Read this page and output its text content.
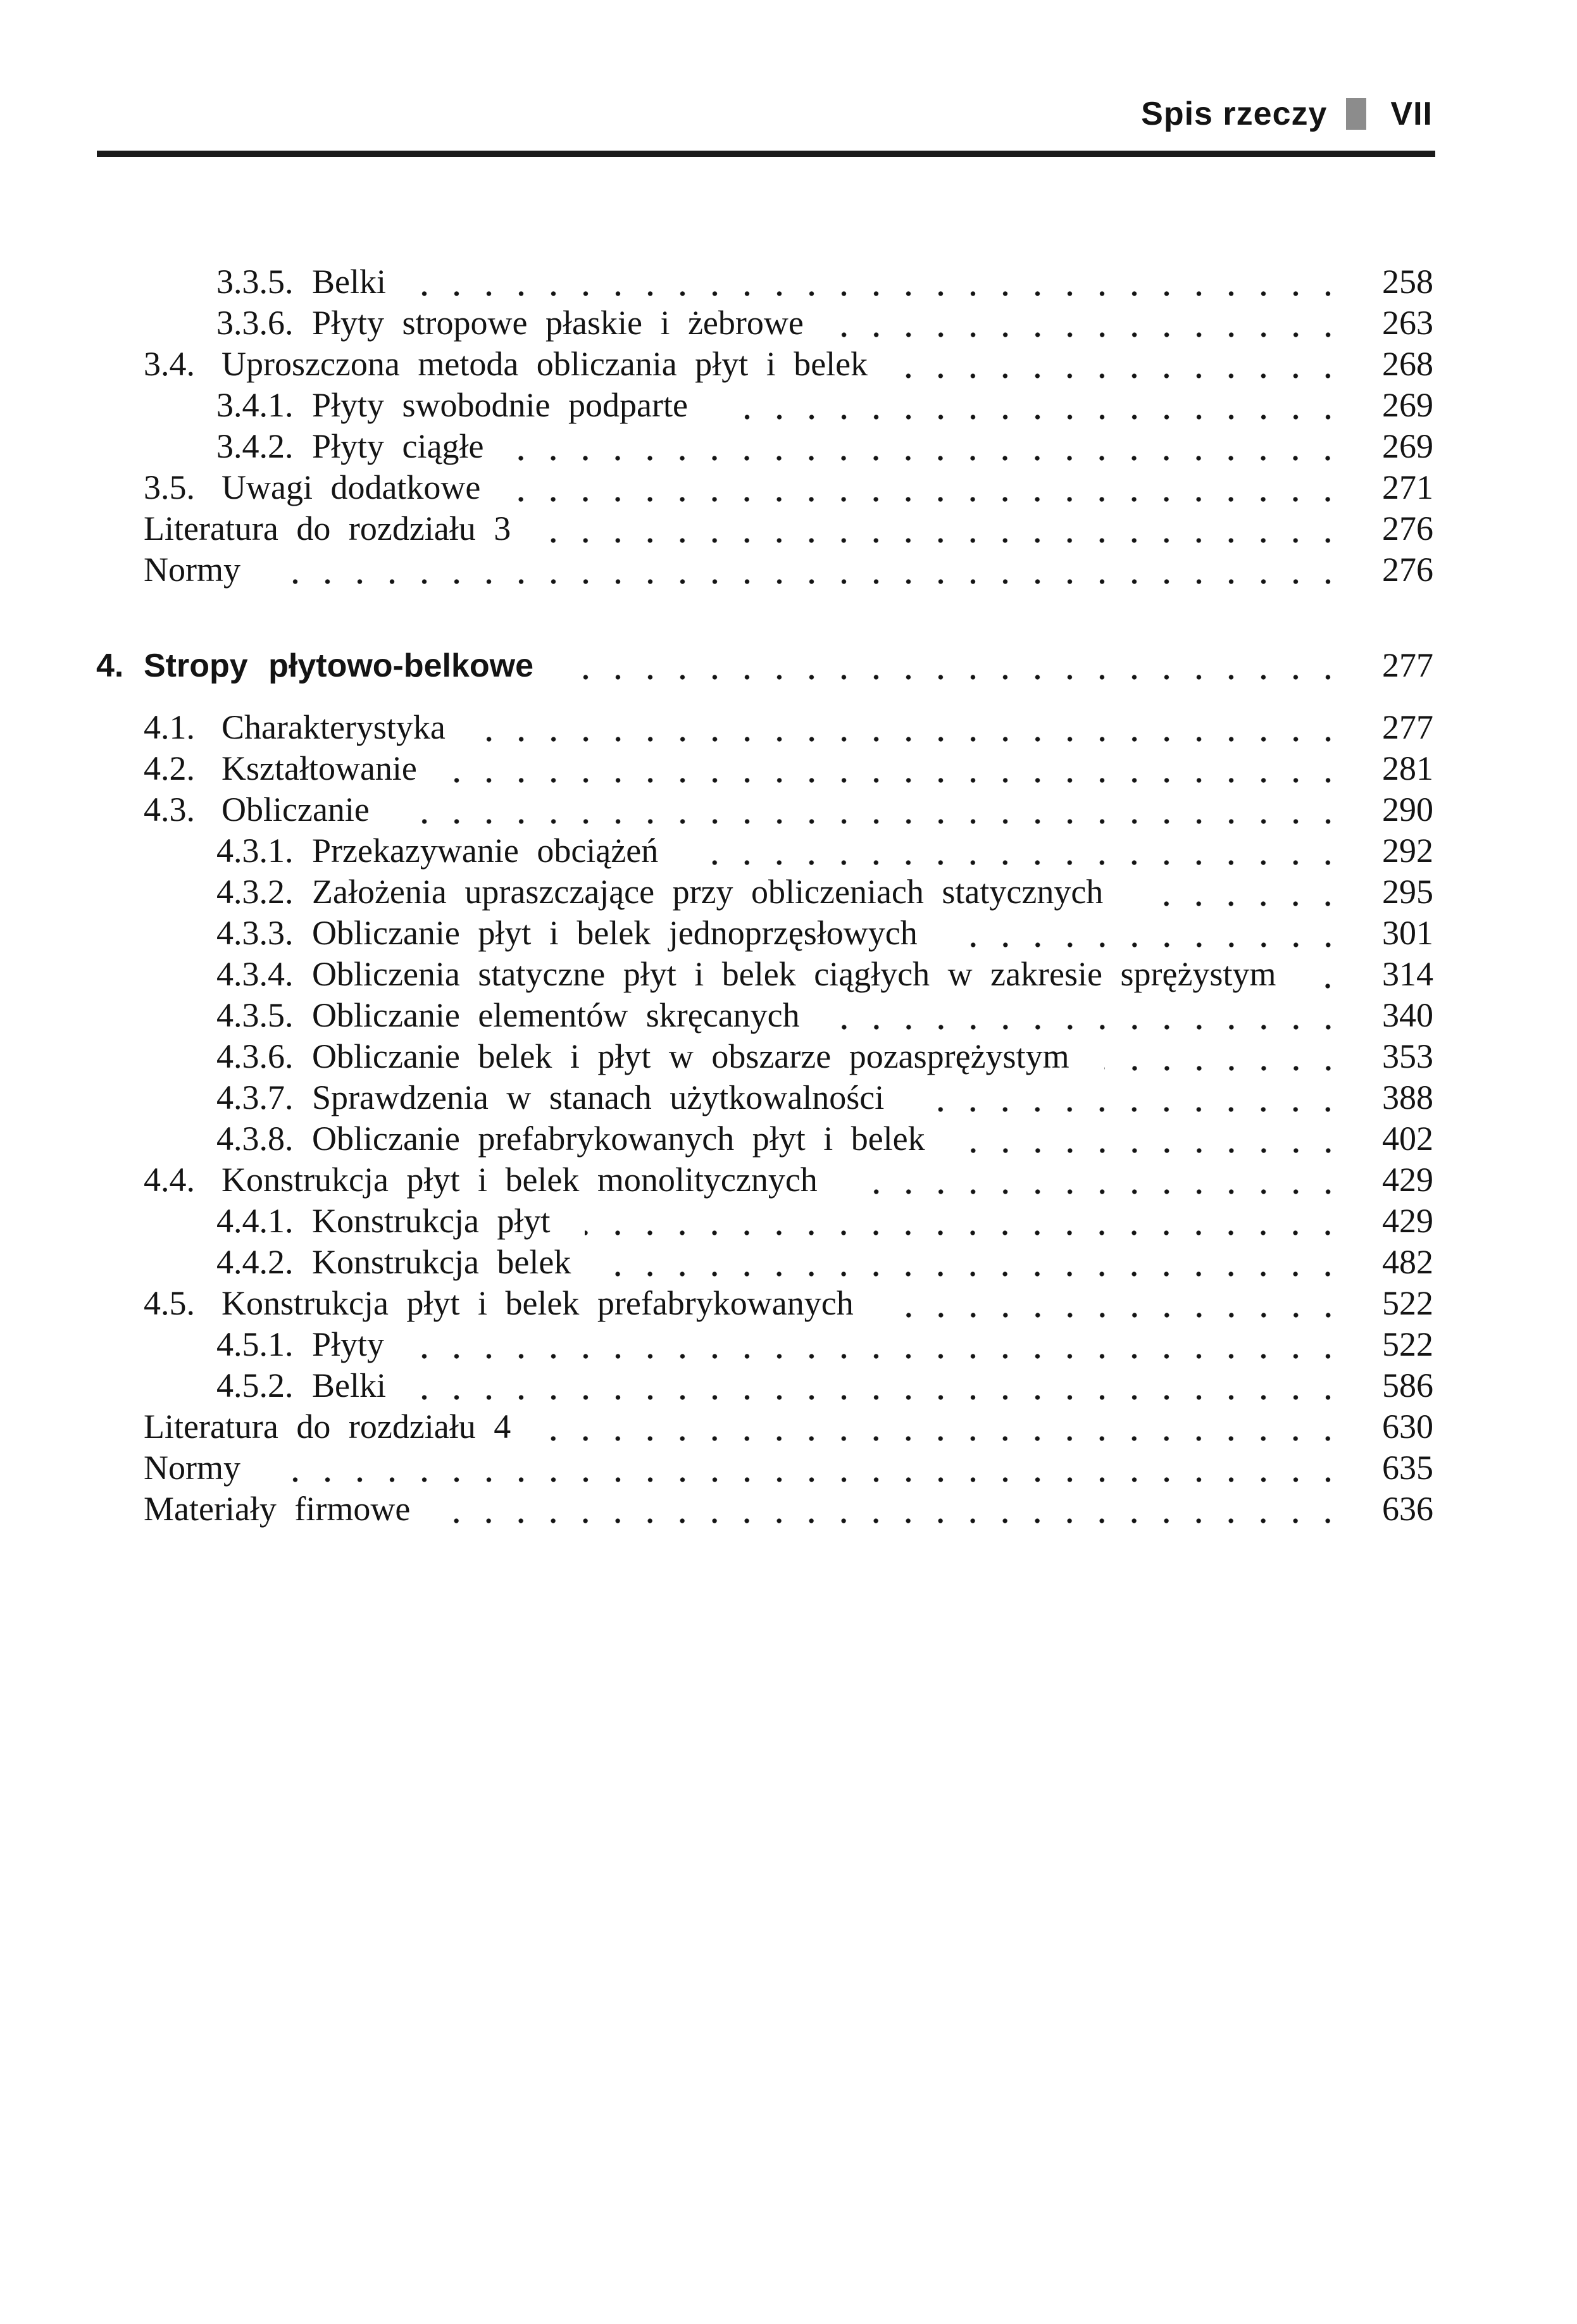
Spis rzeczy VII
3.3.5. Belki	258
3.3.6. Płyty stropowe płaskie i żebrowe	263
3.4. Uproszczona metoda obliczania płyt i belek	268
3.4.1. Płyty swobodnie podparte	269
3.4.2. Płyty ciągłe	269
3.5. Uwagi dodatkowe	271
Literatura do rozdziału 3	276
Normy	276
4. Stropy płytowo-belkowe	277
4.1. Charakterystyka	277
4.2. Kształtowanie	281
4.3. Obliczanie	290
4.3.1. Przekazywanie obciążeń	292
4.3.2. Założenia upraszczające przy obliczeniach statycznych	295
4.3.3. Obliczanie płyt i belek jednoprzęsłowych	301
4.3.4. Obliczenia statyczne płyt i belek ciągłych w zakresie sprężystym	314
4.3.5. Obliczanie elementów skręcanych	340
4.3.6. Obliczanie belek i płyt w obszarze pozasprężystym	353
4.3.7. Sprawdzenia w stanach użytkowalności	388
4.3.8. Obliczanie prefabrykowanych płyt i belek	402
4.4. Konstrukcja płyt i belek monolitycznych	429
4.4.1. Konstrukcja płyt	429
4.4.2. Konstrukcja belek	482
4.5. Konstrukcja płyt i belek prefabrykowanych	522
4.5.1. Płyty	522
4.5.2. Belki	586
Literatura do rozdziału 4	630
Normy	635
Materiały firmowe	636
